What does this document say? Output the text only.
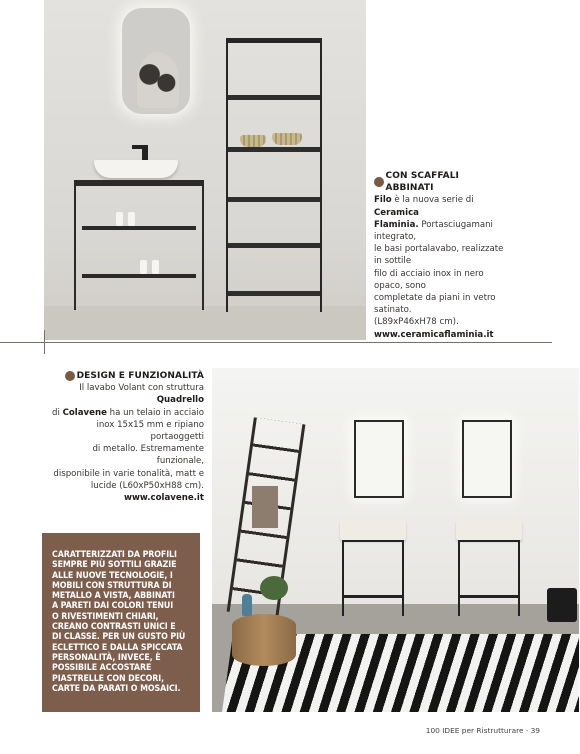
CON SCAFFALI ABBINATI
Filo è la nuova serie di Ceramica
Flaminia. Portasciugamani integrato,
le basi portalavabo, realizzate in sottile
filo di acciaio inox in nero opaco, sono
completate da piani in vetro satinato.
(L89xP46xH78 cm).
www.ceramicaflaminia.it
DESIGN E FUNZIONALITÀ
Il lavabo Volant con struttura Quadrello
di Colavene ha un telaio in acciaio
inox 15x15 mm e ripiano portaoggetti
di metallo. Estremamente funzionale,
disponibile in varie tonalità, matt e
lucide (L60xP50xH88 cm).
www.colavene.it
CARATTERIZZATI DA PROFILI
SEMPRE PIÙ SOTTILI GRAZIE
ALLE NUOVE TECNOLOGIE, I
MOBILI CON STRUTTURA DI
METALLO A VISTA, ABBINATI
A PARETI DAI COLORI TENUI
O RIVESTIMENTI CHIARI,
CREANO CONTRASTI UNICI E
DI CLASSE. PER UN GUSTO PIÙ
ECLETTICO E DALLA SPICCATA
PERSONALITÀ, INVECE, È
POSSIBILE ACCOSTARE
PIASTRELLE CON DECORI,
CARTE DA PARATI O MOSAICI.
100 IDEE per Ristrutturare · 39
